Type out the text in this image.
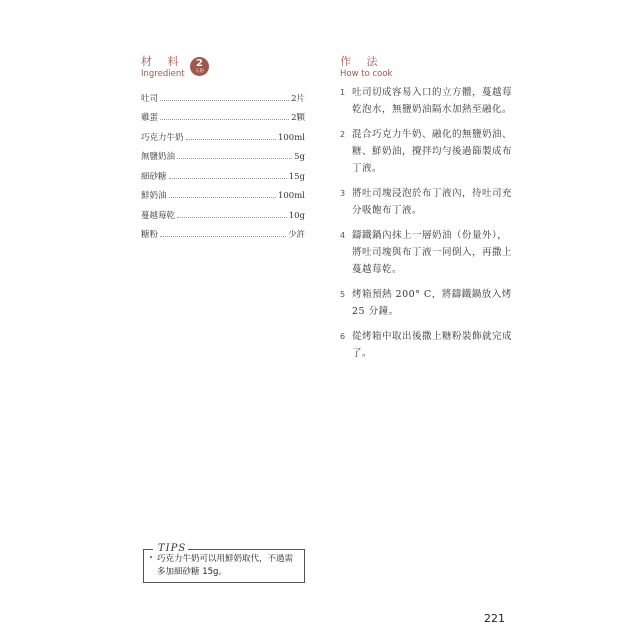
材 料
Ingredient
2
人份
吐司	2片
雞蛋	2顆
巧克力牛奶	100ml
無鹽奶油	5g
細砂糖	15g
鮮奶油	100ml
蔓越莓乾	10g
糖粉	少許
作 法
How to cook
1 吐司切成容易入口的立方體，蔓越莓乾泡水，無鹽奶油隔水加熱至融化。
2 混合巧克力牛奶、融化的無鹽奶油、糖、鮮奶油，攪拌均勻後過篩製成布丁液。
3 將吐司塊浸泡於布丁液內，待吐司充分吸飽布丁液。
4 鑄鐵鍋內抹上一層奶油（份量外），將吐司塊與布丁液一同倒入，再撒上蔓越莓乾。
5 烤箱預熱 200° C，將鑄鐵鍋放入烤 25 分鐘。
6 從烤箱中取出後撒上糖粉裝飾就完成了。
TIPS
• 巧克力牛奶可以用鮮奶取代，不過需多加細砂糖 15g。
221
